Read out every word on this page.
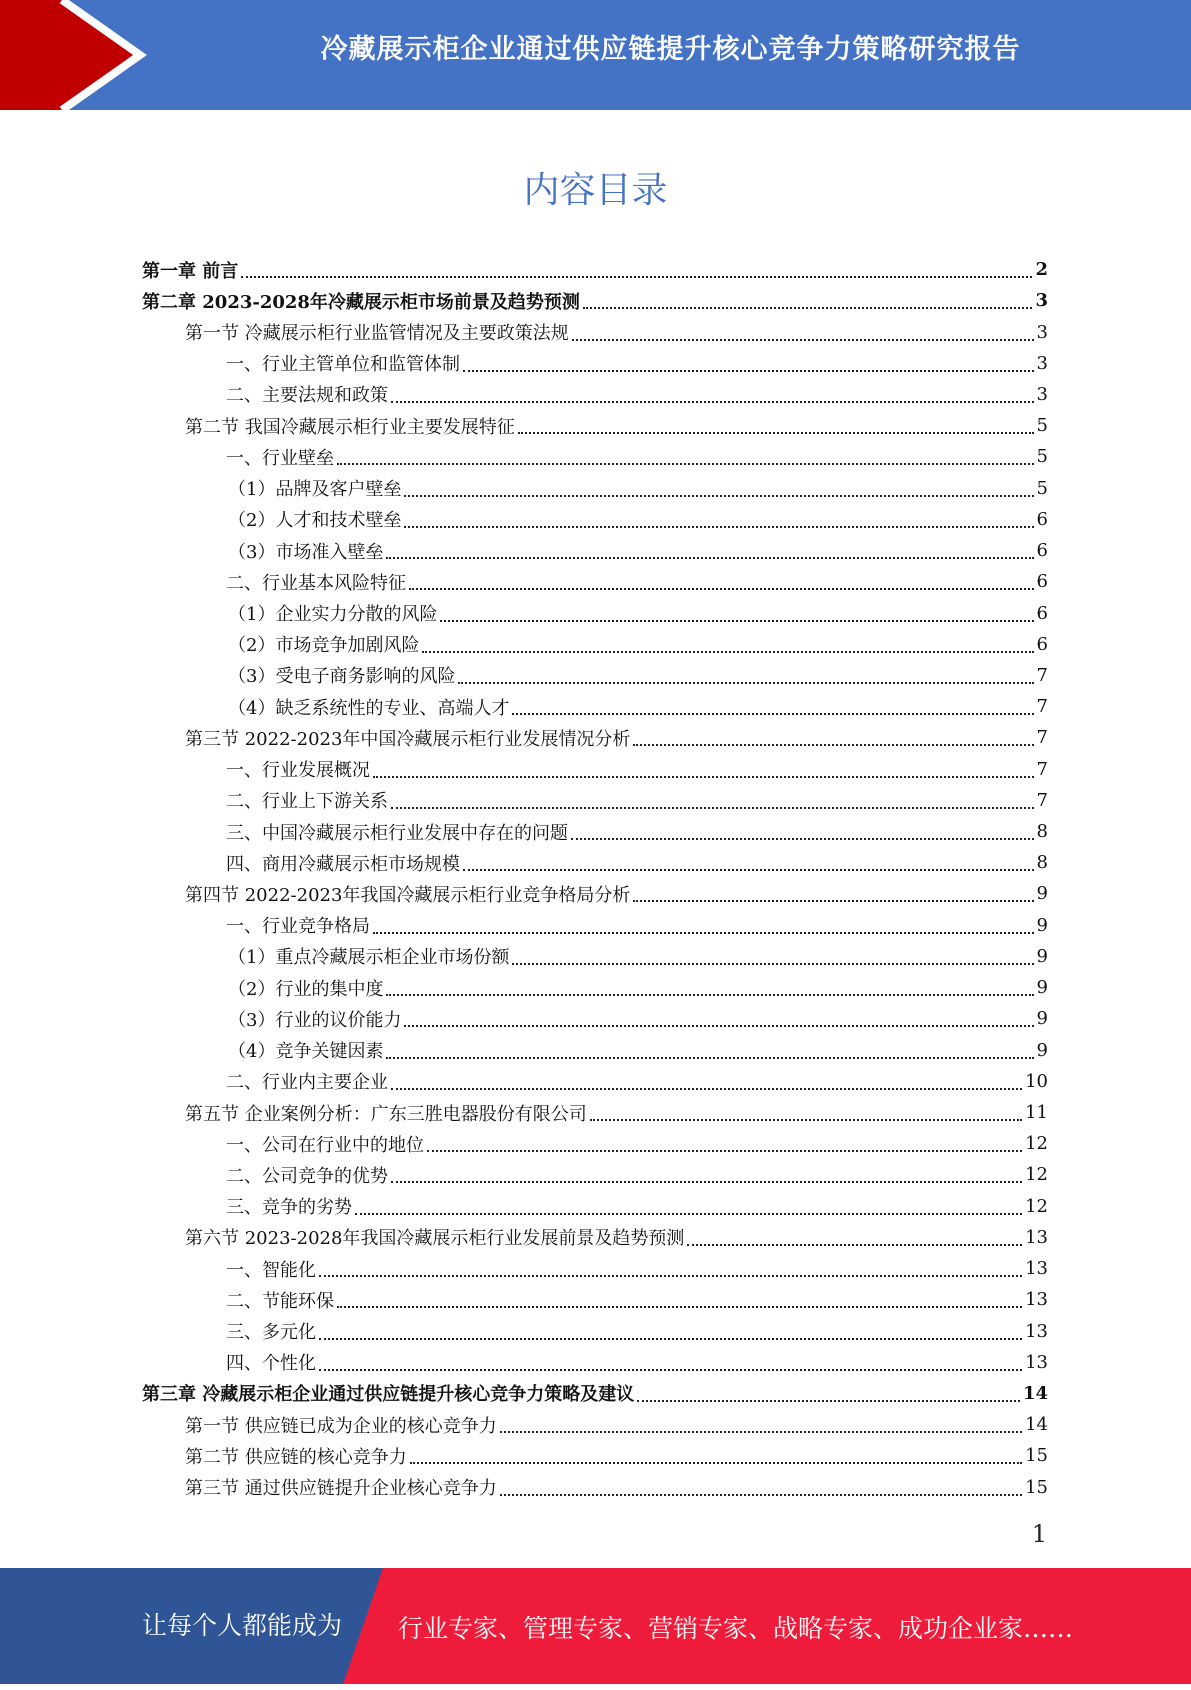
冷藏展示柜企业通过供应链提升核心竞争力策略研究报告
内容目录
第一章 前言	2
第二章 2023-2028年冷藏展示柜市场前景及趋势预测	3
第一节 冷藏展示柜行业监管情况及主要政策法规	3
一、行业主管单位和监管体制	3
二、主要法规和政策	3
第二节 我国冷藏展示柜行业主要发展特征	5
一、行业壁垒	5
（1）品牌及客户壁垒	5
（2）人才和技术壁垒	6
（3）市场准入壁垒	6
二、行业基本风险特征	6
（1）企业实力分散的风险	6
（2）市场竞争加剧风险	6
（3）受电子商务影响的风险	7
（4）缺乏系统性的专业、高端人才	7
第三节 2022-2023年中国冷藏展示柜行业发展情况分析	7
一、行业发展概况	7
二、行业上下游关系	7
三、中国冷藏展示柜行业发展中存在的问题	8
四、商用冷藏展示柜市场规模	8
第四节 2022-2023年我国冷藏展示柜行业竞争格局分析	9
一、行业竞争格局	9
（1）重点冷藏展示柜企业市场份额	9
（2）行业的集中度	9
（3）行业的议价能力	9
（4）竞争关键因素	9
二、行业内主要企业	10
第五节 企业案例分析：广东三胜电器股份有限公司	11
一、公司在行业中的地位	12
二、公司竞争的优势	12
三、竞争的劣势	12
第六节 2023-2028年我国冷藏展示柜行业发展前景及趋势预测	13
一、智能化	13
二、节能环保	13
三、多元化	13
四、个性化	13
第三章 冷藏展示柜企业通过供应链提升核心竞争力策略及建议	14
第一节 供应链已成为企业的核心竞争力	14
第二节 供应链的核心竞争力	15
第三节 通过供应链提升企业核心竞争力	15
1
让每个人都能成为 行业专家、管理专家、营销专家、战略专家、成功企业家……
